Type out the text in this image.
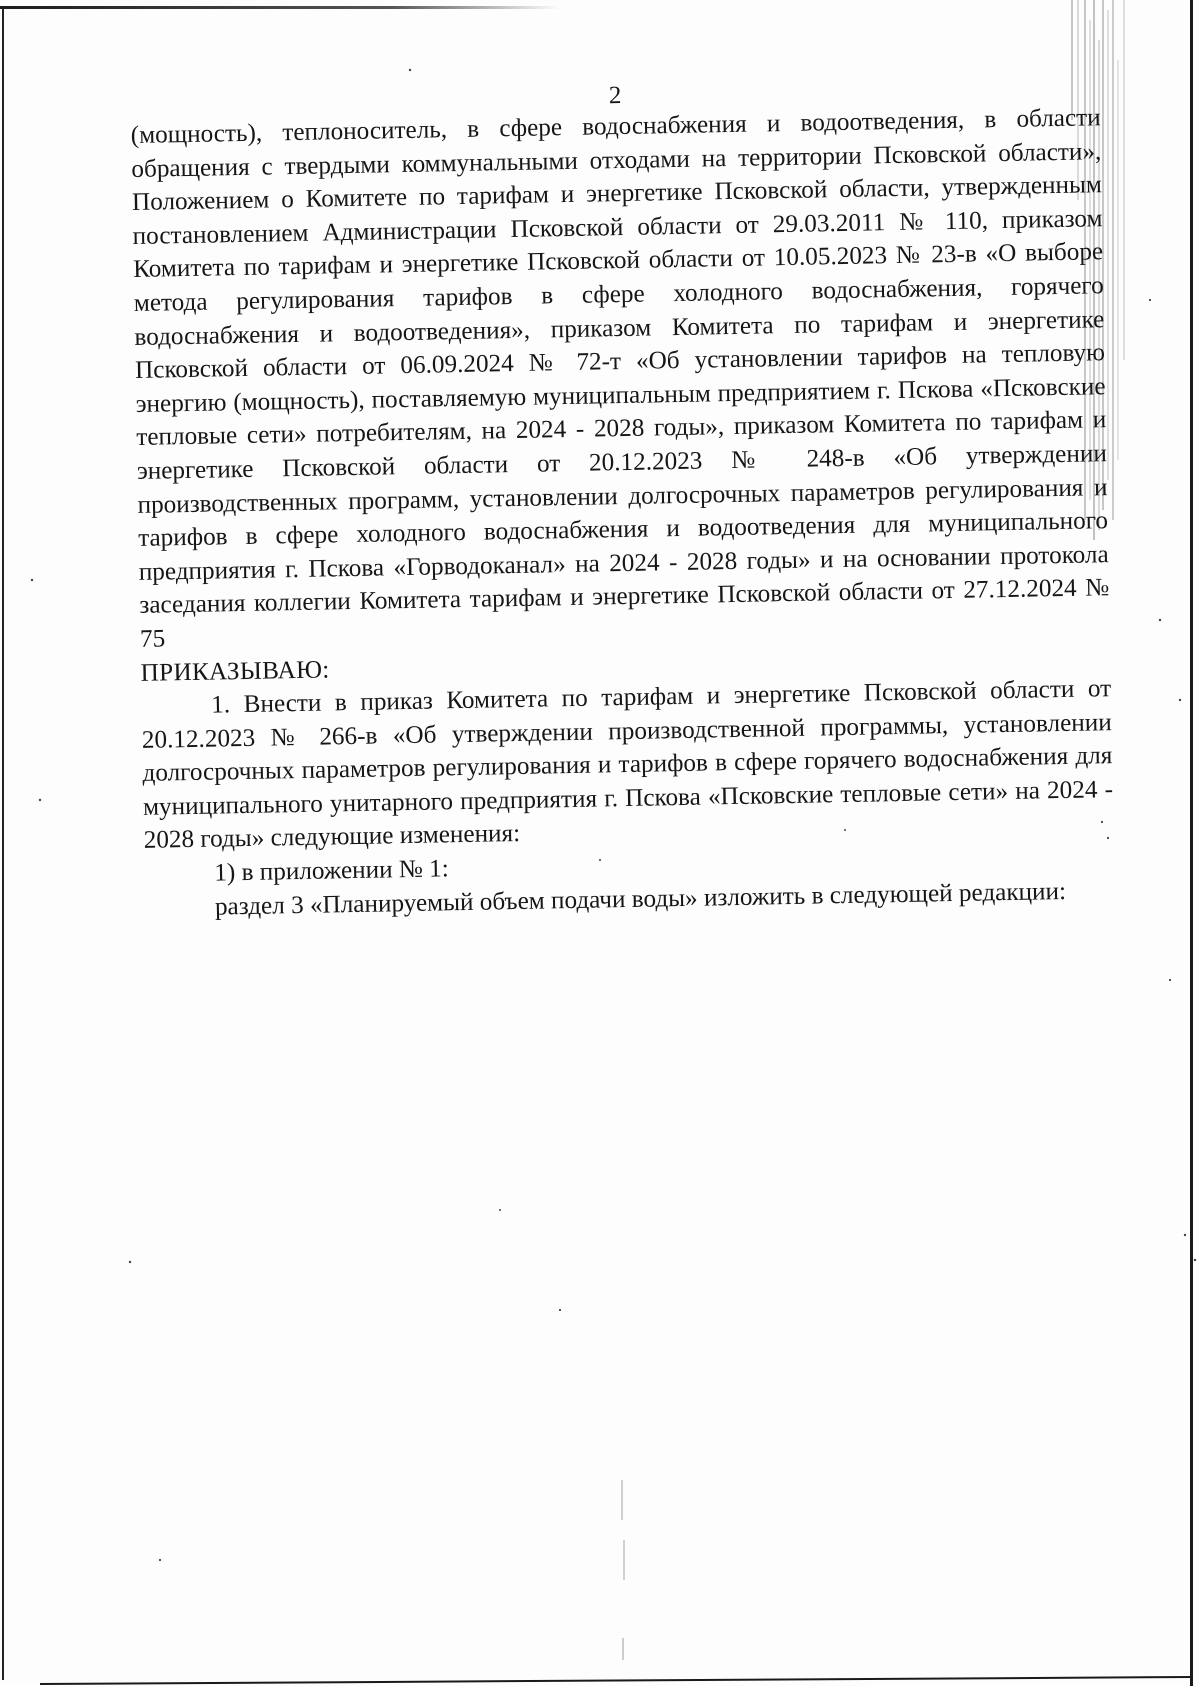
2

(мощность), теплоноситель, в сфере водоснабжения и водоотведения, в области обращения с твердыми коммунальными отходами на территории Псковской области», Положением о Комитете по тарифам и энергетике Псковской области, утвержденным постановлением Администрации Псковской области от 29.03.2011 № 110, приказом Комитета по тарифам и энергетике Псковской области от 10.05.2023 № 23-в «О выборе метода регулирования тарифов в сфере холодного водоснабжения, горячего водоснабжения и водоотведения», приказом Комитета по тарифам и энергетике Псковской области от 06.09.2024 № 72-т «Об установлении тарифов на тепловую энергию (мощность), поставляемую муниципальным предприятием г. Пскова «Псковские тепловые сети» потребителям, на 2024 - 2028 годы», приказом Комитета по тарифам и энергетике Псковской области от 20.12.2023 № 248-в «Об утверждении производственных программ, установлении долгосрочных параметров регулирования и тарифов в сфере холодного водоснабжения и водоотведения для муниципального предприятия г. Пскова «Горводоканал» на 2024 - 2028 годы» и на основании протокола заседания коллегии Комитета тарифам и энергетике Псковской области от 27.12.2024 № 75

ПРИКАЗЫВАЮ:

1. Внести в приказ Комитета по тарифам и энергетике Псковской области от 20.12.2023 № 266-в «Об утверждении производственной программы, установлении долгосрочных параметров регулирования и тарифов в сфере горячего водоснабжения для муниципального унитарного предприятия г. Пскова «Псковские тепловые сети» на 2024 - 2028 годы» следующие изменения:

1) в приложении № 1:

раздел 3 «Планируемый объем подачи воды» изложить в следующей редакции:
